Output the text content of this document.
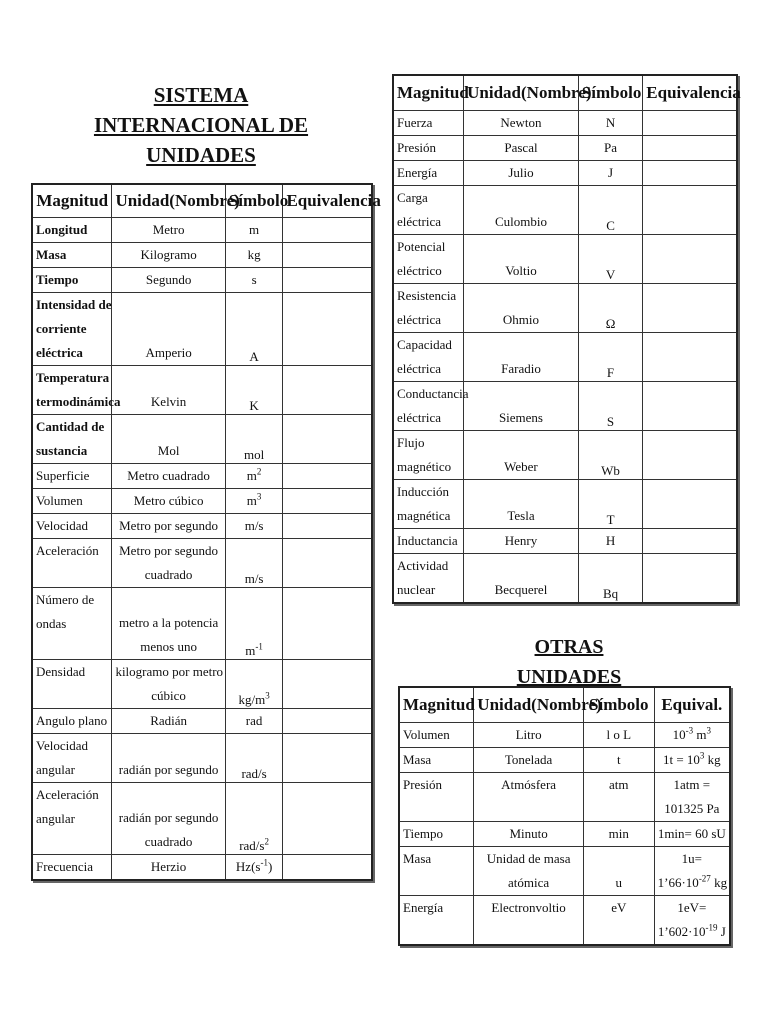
SISTEMA INTERNACIONAL DE
UNIDADES
Magnitud	Unidad(Nombre)	Símbolo	Equivalencia

Longitud	Metro	m	

Masa	Kilogramo	kg	

Tiempo	Segundo	s	

Intensidad de
corriente
eléctrica	Amperio	A	

Temperatura
termodinámica	Kelvin	K	

Cantidad de
sustancia	Mol	mol	

Superficie	Metro cuadrado	$m^2$	

Volumen	Metro cúbico	$m^3$	

Velocidad	Metro por segundo	m/s	

Aceleración	Metro por segundo
cuadrado	m/s	

Número de
ondas	metro a la potencia
menos uno	$m^{-1}$	

Densidad	kilogramo por metro
cúbico	$kg/m^3$	

Angulo plano	Radián	rad	

Velocidad
angular	radián por segundo	rad/s	

Aceleración
angular	radián por segundo
cuadrado	rad/$s^2$	

Frecuencia	Herzio	$Hz(s^{-1})$	
Magnitud	Unidad(Nombre)	Símbolo	Equivalencia

Fuerza	Newton	N	

Presión	Pascal	Pa	

Energía	Julio	J	

Carga
eléctrica	Culombio	C	

Potencial
eléctrico	Voltio	V	

Resistencia
eléctrica	Ohmio	Ω	

Capacidad
eléctrica	Faradio	F	

Conductancia
eléctrica	Siemens	S	

Flujo
magnético	Weber	Wb	

Inducción
magnética	Tesla	T	

Inductancia	Henry	H	

Actividad
nuclear	Becquerel	Bq	
OTRAS UNIDADES
Magnitud	Unidad(Nombre)	Símbolo	Equival.

Volumen	Litro	l o L	$10^{-3}$ $m^3$

Masa	Tonelada	t	$1t = 10^3$ kg

Presión	Atmósfera	atm	1atm =
101325 Pa

Tiempo	Minuto	min	1min= 60 sU

Masa	Unidad de masa
atómica	u	1u=
$1’66\cdot 10^{-27}$ kg

Energía	Electronvoltio	eV	1eV=
$1’602\cdot 10^{-19}$ J
